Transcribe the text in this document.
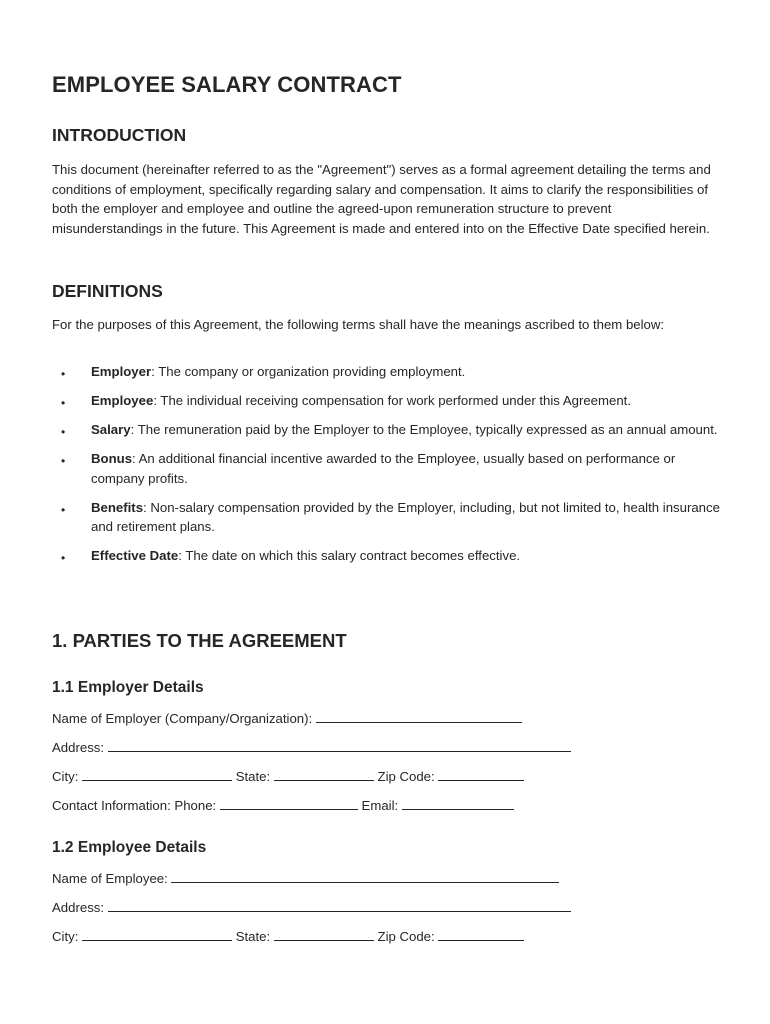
EMPLOYEE SALARY CONTRACT
INTRODUCTION

This document (hereinafter referred to as the "Agreement") serves as a formal agreement detailing the terms and conditions of employment, specifically regarding salary and compensation. It aims to clarify the responsibilities of both the employer and employee and outline the agreed-upon remuneration structure to prevent misunderstandings in the future. This Agreement is made and entered into on the Effective Date specified herein.

DEFINITIONS

For the purposes of this Agreement, the following terms shall have the meanings ascribed to them below:

• Employer: The company or organization providing employment.
• Employee: The individual receiving compensation for work performed under this Agreement.
• Salary: The remuneration paid by the Employer to the Employee, typically expressed as an annual amount.
• Bonus: An additional financial incentive awarded to the Employee, usually based on performance or company profits.
• Benefits: Non-salary compensation provided by the Employer, including, but not limited to, health insurance and retirement plans.
• Effective Date: The date on which this salary contract becomes effective.
1. PARTIES TO THE AGREEMENT
1.1 Employer Details

Name of Employer (Company/Organization):

Address:

City:	State:	Zip Code:

Contact Information: Phone:	Email:

1.2 Employee Details

Name of Employee:

Address:

City:	State:	Zip Code:
